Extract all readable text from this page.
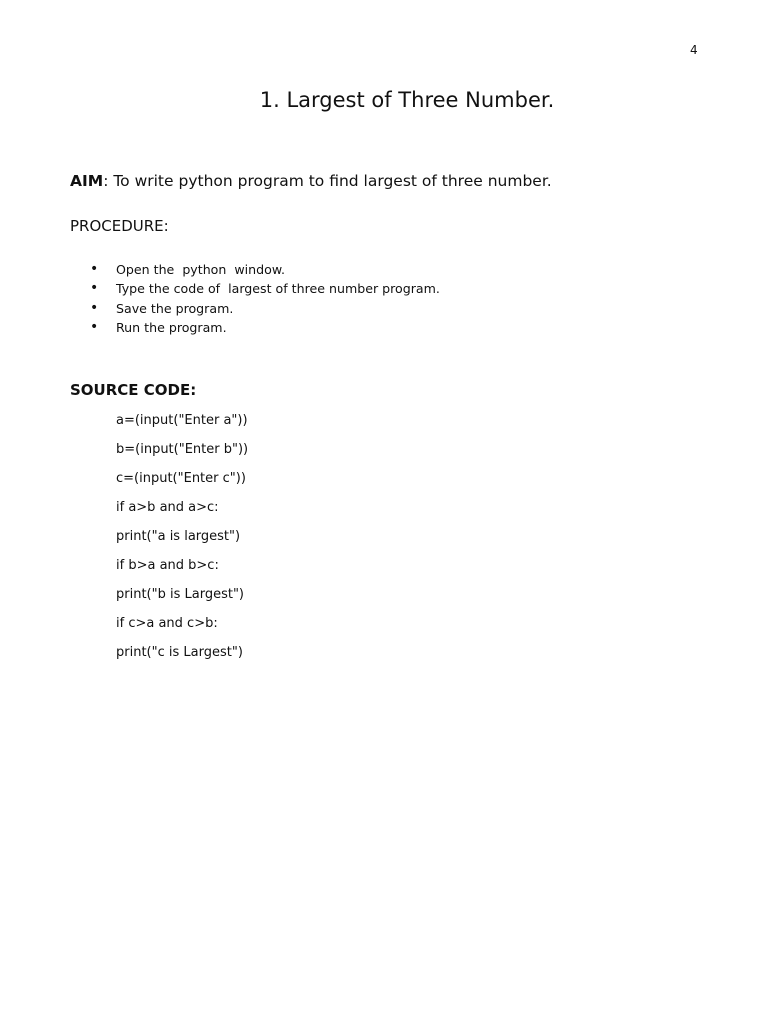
4
1. Largest of Three Number.
AIM: To write python program to find largest of three number.
PROCEDURE:
• Open the  python  window.
• Type the code of  largest of three number program.
• Save the program.
• Run the program.
SOURCE CODE:
a=(input("Enter a"))
b=(input("Enter b"))
c=(input("Enter c"))
if a>b and a>c:
print("a is largest")
if b>a and b>c:
print("b is Largest")
if c>a and c>b:
print("c is Largest")
